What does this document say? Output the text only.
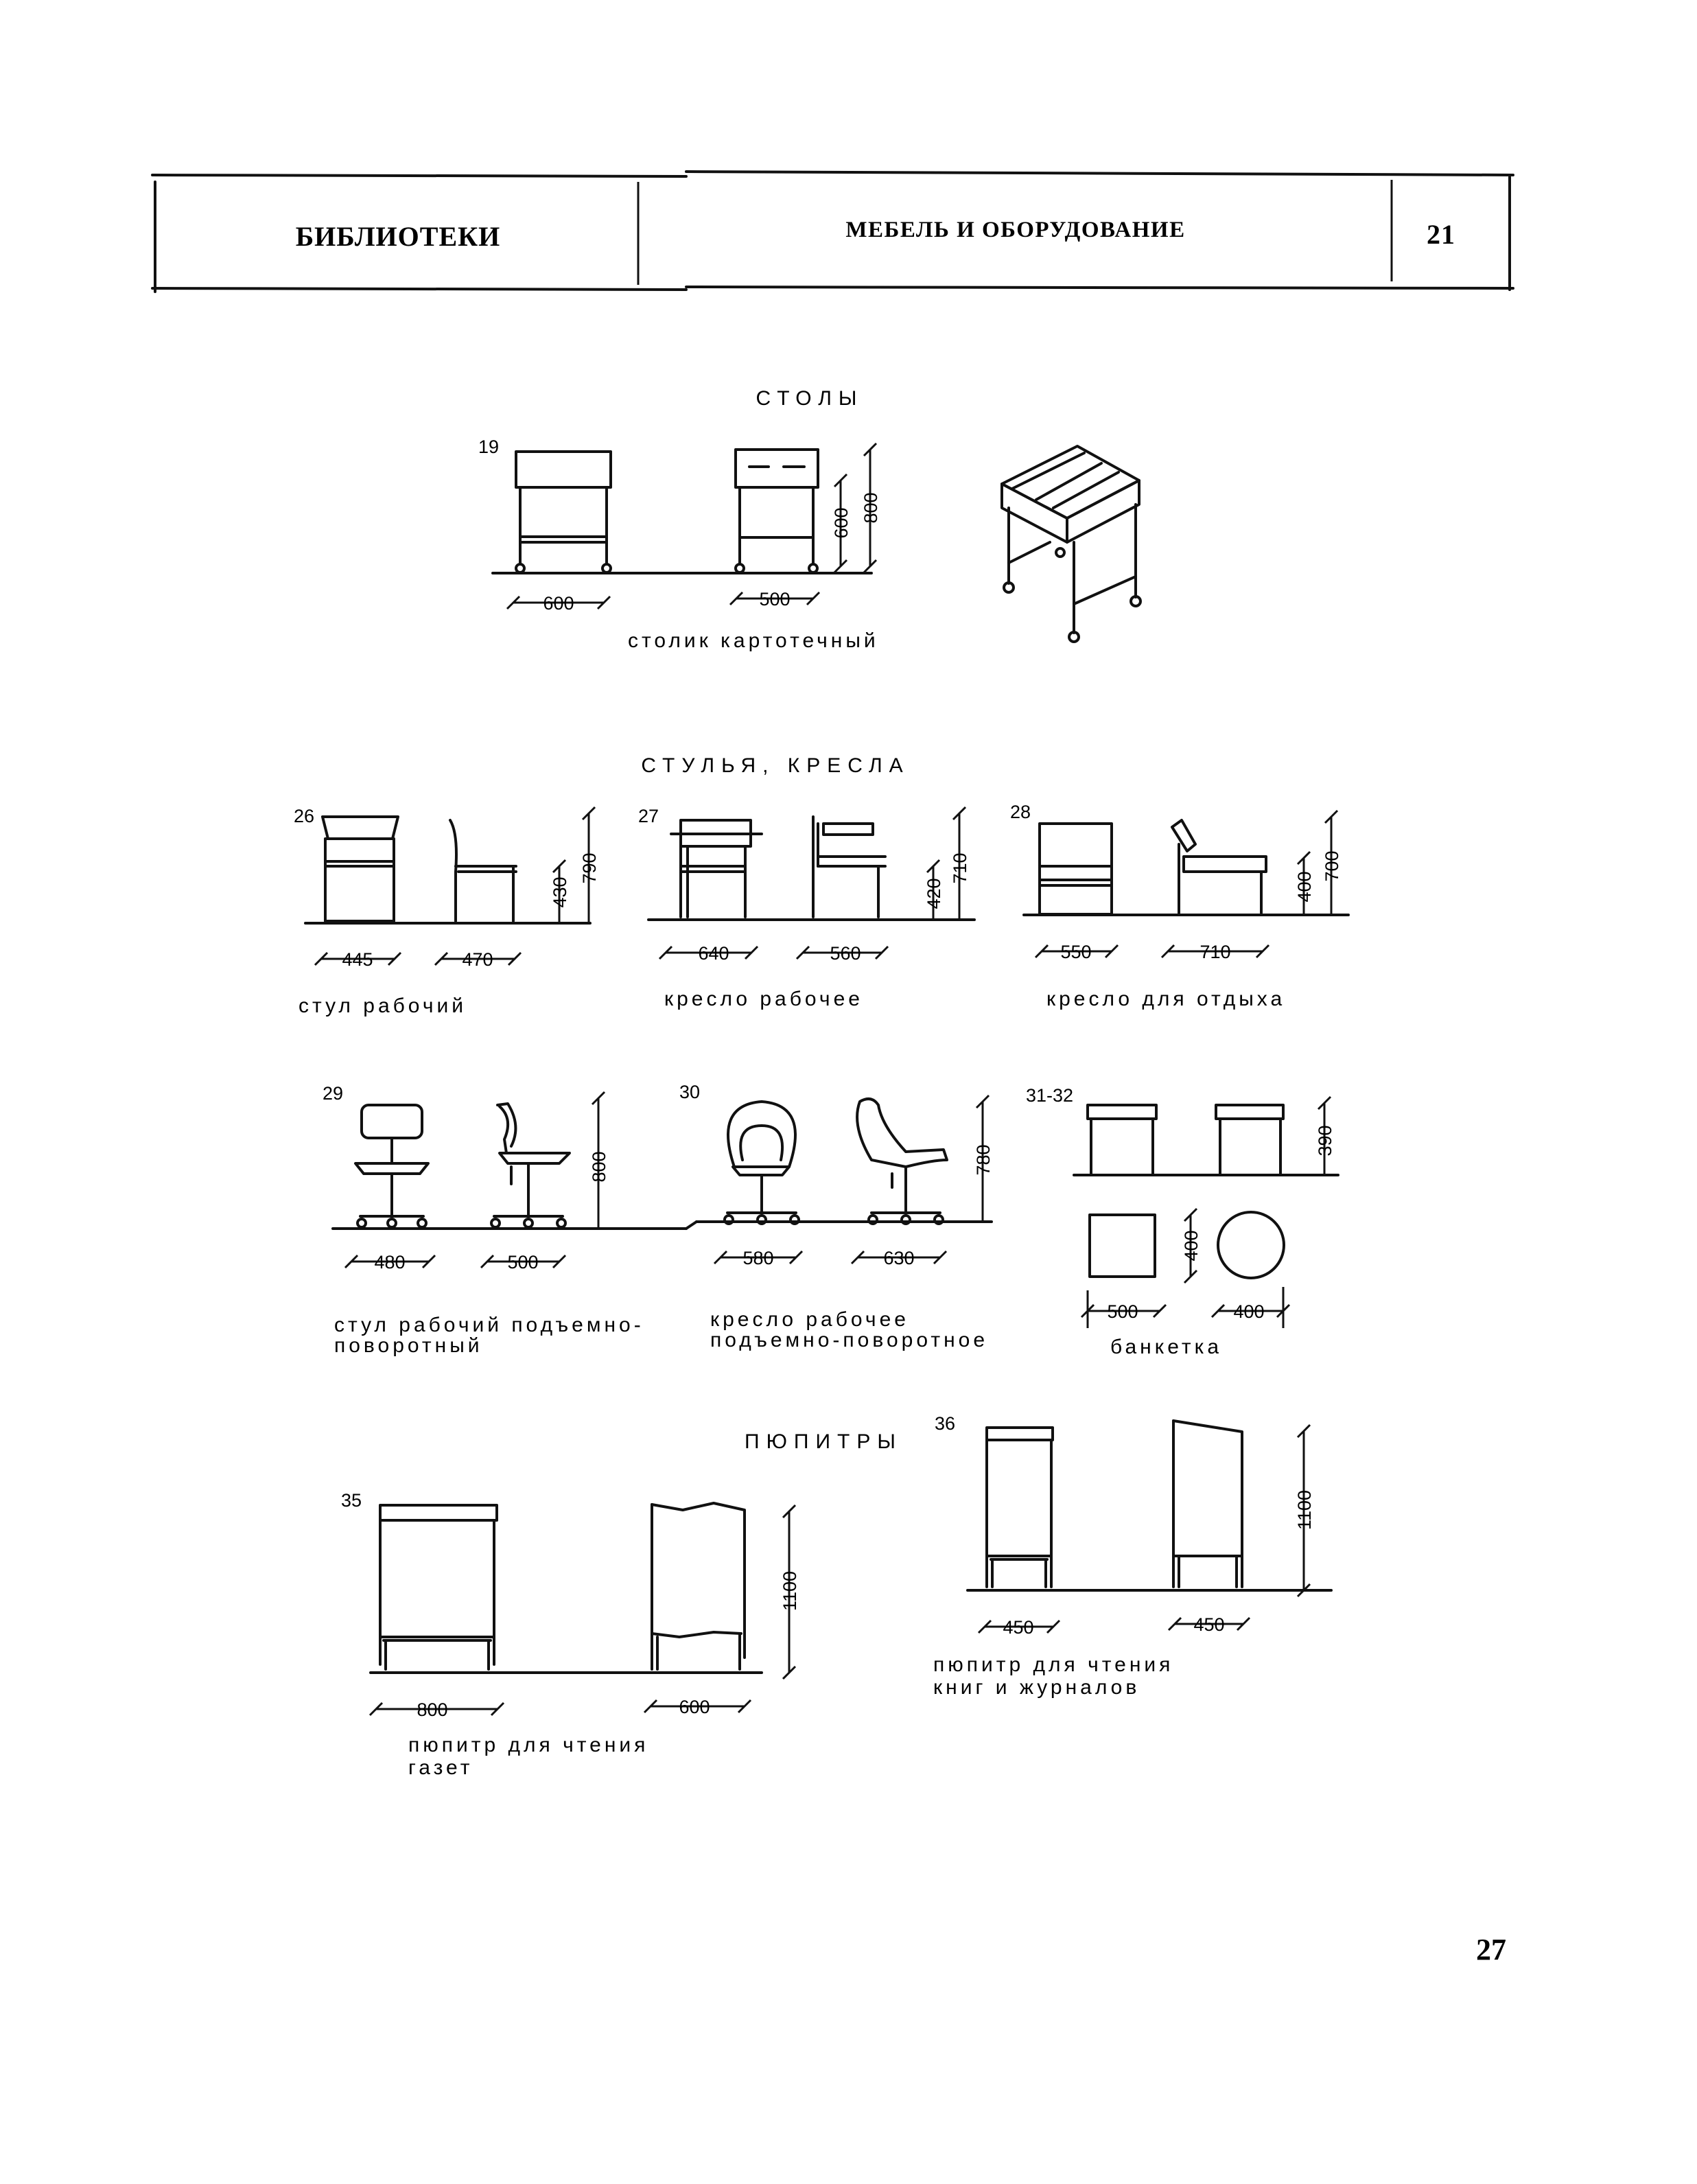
БИБЛИОТЕКИ	МЕБЕЛЬ И ОБОРУДОВАНИЕ	21
СТОЛЫ
19
600	500
600 800
столик картотечный
СТУЛЬЯ, КРЕСЛА
26
445	470
430
790
стул рабочий
27
640	560
420
710
кресло рабочее
28
550	710
400
700
кресло для отдыха
29
480	500
800
стул рабочий подъемно-
поворотный
30
580	630
780
кресло рабочее
подъемно-поворотное
31-32
390
400
500	400
банкетка
ПЮПИТРЫ
35
800	600
1100
пюпитр для чтения
газет
36
450	450
1100
пюпитр для чтения
книг и журналов
27
